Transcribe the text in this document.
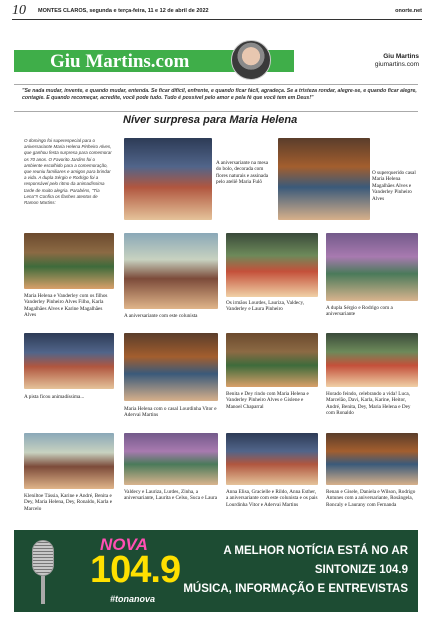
10 MONTES CLAROS, segunda e terça-feira, 11 e 12 de abril de 2022	onorte.net
Giu Martins.com	Giu Martins
giumartins.com
"Se nada mudar, invente, e quando mudar, entenda. Se ficar difícil, enfrente, e quando ficar fácil, agradeça. Se a tristeza rondar, alegre-se, e quando ficar alegre, contagie. E quando recomeçar, acredite, você pode tudo. Tudo é possível pelo amor e pela fé que você tem em Deus!"
Níver surpresa para Maria Helena
O domingo foi superespecial para o aniversariante Maria Helena Pinheiro Alves, que ganhou festa surpresa para comemorar os 70 anos. O Favorito Jardins foi o ambiente escolhido para a comemoração, que reuniu familiares e amigos para brindar a vida. A dupla Sérgio e Rodrigo foi a responsável pelo ritmo da animadíssima tarde de muito alegria. Parabéns, "Tia Lena"!! Confira os flashes atentos de Ramon Martins:
A aniversariante na mesa do bolo, decorada com flores naturais e assinada pelo ateliê Maria Fulô
O superquerido casal Maria Helena Magalhães Alves e Vanderley Pinheiro Alves
Maria Helena e Vanderley com os filhos Vanderley Pinheiro Alves Filho, Karla Magalhães Alves e Karine Magalhães Alves	A aniversariante com este colunista
Os irmãos Lourdes, Lauriza, Valdecy, Vanderley e Laura Pinheiro	A dupla Sérgio e Rodrigo com a aniversariante
A pista ficou animadíssima...
Maria Helena com o casal Lourdinha Vitor e Adervai Martins
Benita e Dey rindo com Maria Helena e Vanderley Pinheiro Alves e Gislene e Manoel Chaparral
Horado feindo, celebrando a vida! Luca, Marcelão, Davi, Karla, Karine, Heitor, André, Benita, Dey, Maria Helena e Dey com Ronaldo
Kleniltoe Tássia, Karine e André, Benita e Dey, Maria Helena, Dey, Ronaldo, Karla e Marcelo
Valdecy e Lauriza, Lurdes, Zinha, a aniversariante, Laurita e Celso, Suca e Laura
Anna Elisa, Gracielle e Rildo, Anna Esther, a aniversariante com este colunista e os pais Lourdinha Vitor e Adervai Martins
Renan e Gisele, Daniela e Wilson, Rodrigo Antunes com a aniversariante, Rosângela, Roncaly e Laurany com Fernanda
NOVA
104.9
#tonanova
A MELHOR NOTÍCIA ESTÁ NO AR
SINTONIZE 104.9
MÚSICA, INFORMAÇÃO E ENTREVISTAS
